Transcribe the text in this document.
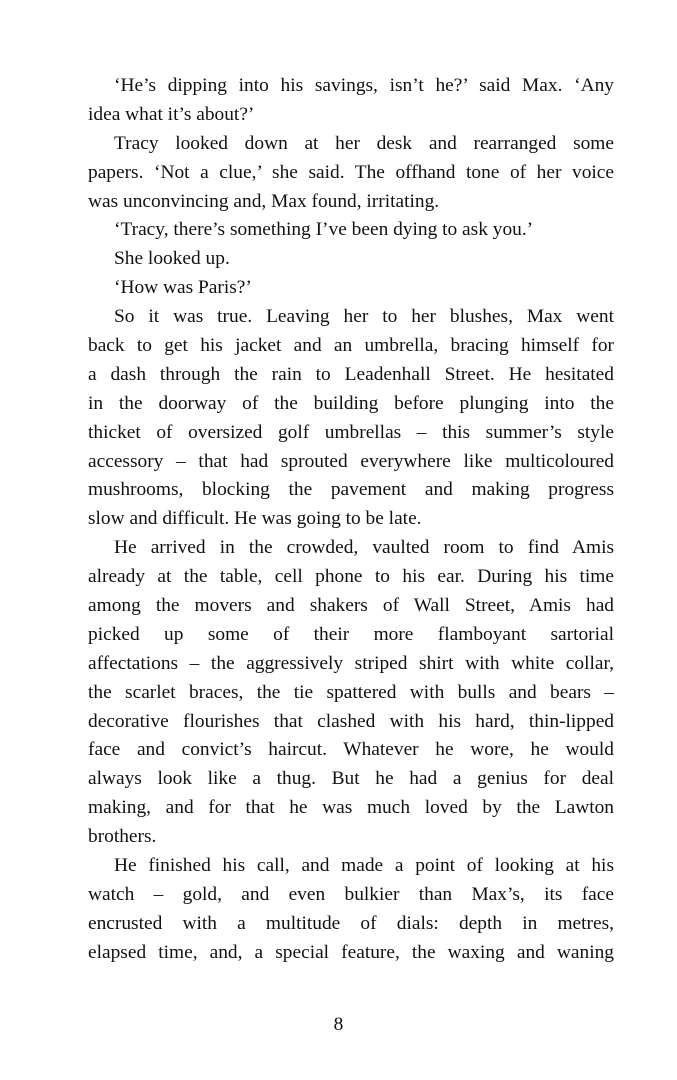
‘He’s dipping into his savings, isn’t he?’ said Max. ‘Any
idea what it’s about?’
Tracy looked down at her desk and rearranged some
papers. ‘Not a clue,’ she said. The offhand tone of her voice
was unconvincing and, Max found, irritating.
‘Tracy, there’s something I’ve been dying to ask you.’
She looked up.
‘How was Paris?’
So it was true. Leaving her to her blushes, Max went
back to get his jacket and an umbrella, bracing himself for
a dash through the rain to Leadenhall Street. He hesitated
in the doorway of the building before plunging into the
thicket of oversized golf umbrellas – this summer’s style
accessory – that had sprouted everywhere like multicoloured
mushrooms, blocking the pavement and making progress
slow and difficult. He was going to be late.
He arrived in the crowded, vaulted room to find Amis
already at the table, cell phone to his ear. During his time
among the movers and shakers of Wall Street, Amis had
picked up some of their more flamboyant sartorial
affectations – the aggressively striped shirt with white collar,
the scarlet braces, the tie spattered with bulls and bears –
decorative flourishes that clashed with his hard, thin-lipped
face and convict’s haircut. Whatever he wore, he would
always look like a thug. But he had a genius for deal
making, and for that he was much loved by the Lawton
brothers.
He finished his call, and made a point of looking at his
watch – gold, and even bulkier than Max’s, its face
encrusted with a multitude of dials: depth in metres,
elapsed time, and, a special feature, the waxing and waning
8
